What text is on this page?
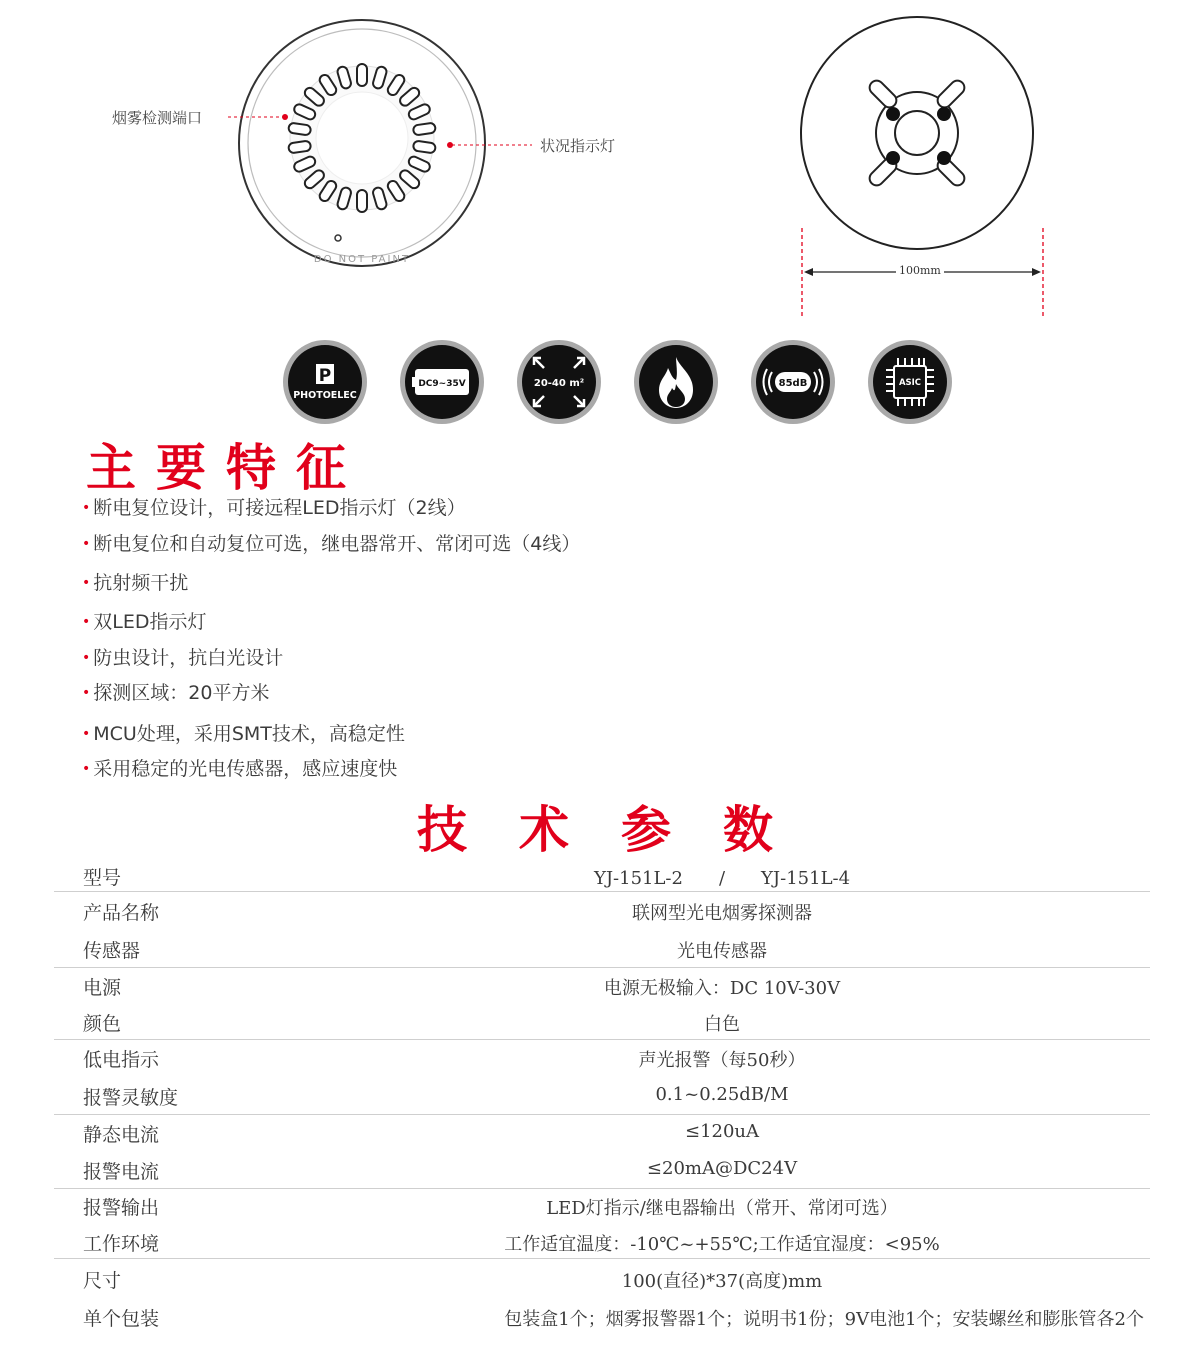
DO NOT PAINT
烟雾检测端口
状况指示灯
100mm
P
PHOTOELEC
DC9~35V	20-40 m²	85dB	ASIC
主要特征
• 断电复位设计，可接远程LED指示灯（2线）
• 断电复位和自动复位可选，继电器常开、常闭可选（4线）
• 抗射频干扰
• 双LED指示灯
• 防虫设计，抗白光设计
• 探测区域：20平方米
• MCU处理，采用SMT技术，高稳定性
• 采用稳定的光电传感器，感应速度快
技术参数
型号	YJ-151L-2　　/　　YJ-151L-4
产品名称	联网型光电烟雾探测器
传感器	光电传感器
电源	电源无极输入：DC 10V-30V
颜色	白色
低电指示	声光报警（每50秒）
报警灵敏度	0.1~0.25dB/M
静态电流	≤120uA
报警电流	≤20mA@DC24V
报警输出	LED灯指示/继电器输出（常开、常闭可选）
工作环境	工作适宜温度：-10℃~+55℃;工作适宜湿度：<95%
尺寸	100(直径)*37(高度)mm
单个包装	包装盒1个；烟雾报警器1个；说明书1份；9V电池1个；安装螺丝和膨胀管各2个
